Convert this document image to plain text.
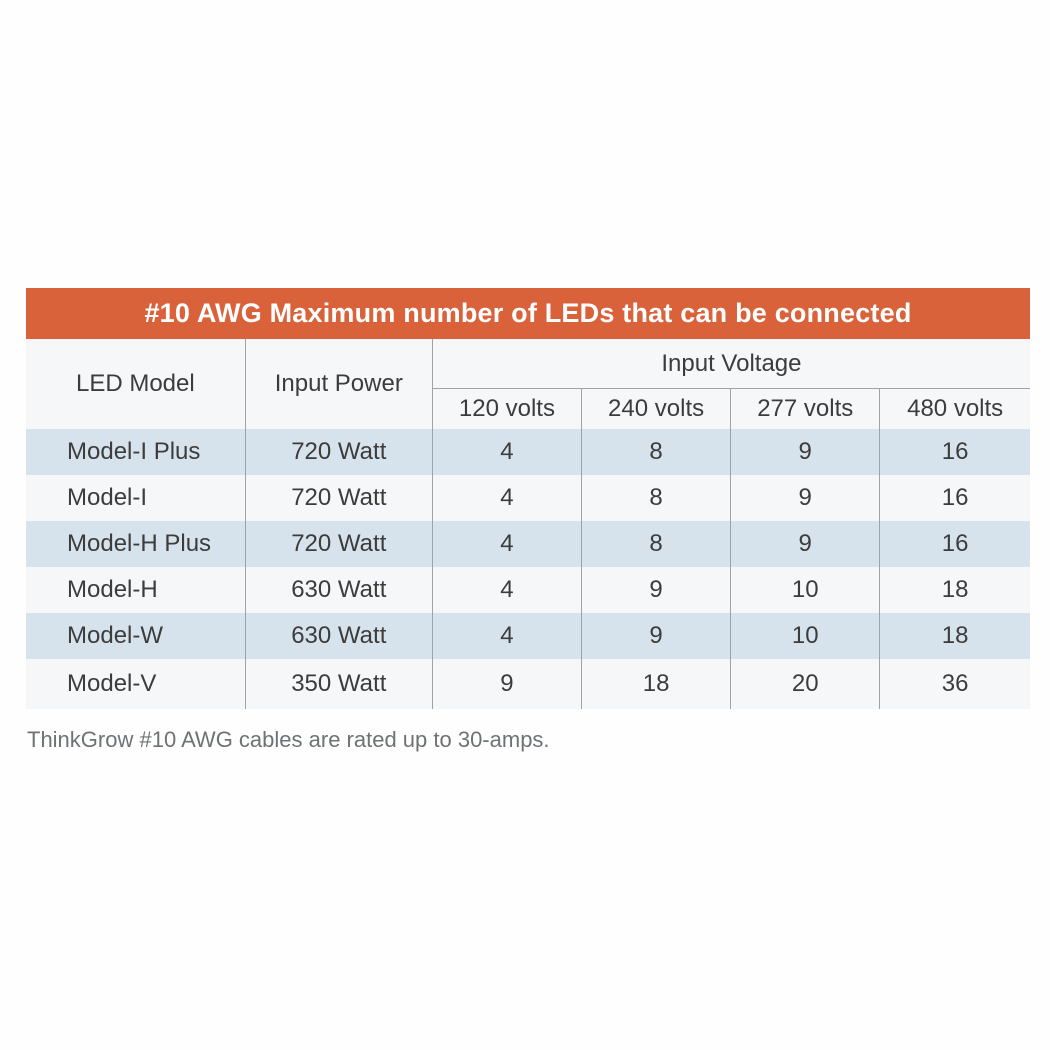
#10 AWG Maximum number of LEDs that can be connected
LED Model	Input Power	Input Voltage			
		120 volts	240 volts	277 volts	480 volts
Model-I Plus	720 Watt	4	8	9	16
Model-I	720 Watt	4	8	9	16
Model-H Plus	720 Watt	4	8	9	16
Model-H	630 Watt	4	9	10	18
Model-W	630 Watt	4	9	10	18
Model-V	350 Watt	9	18	20	36
ThinkGrow #10 AWG cables are rated up to 30-amps.
